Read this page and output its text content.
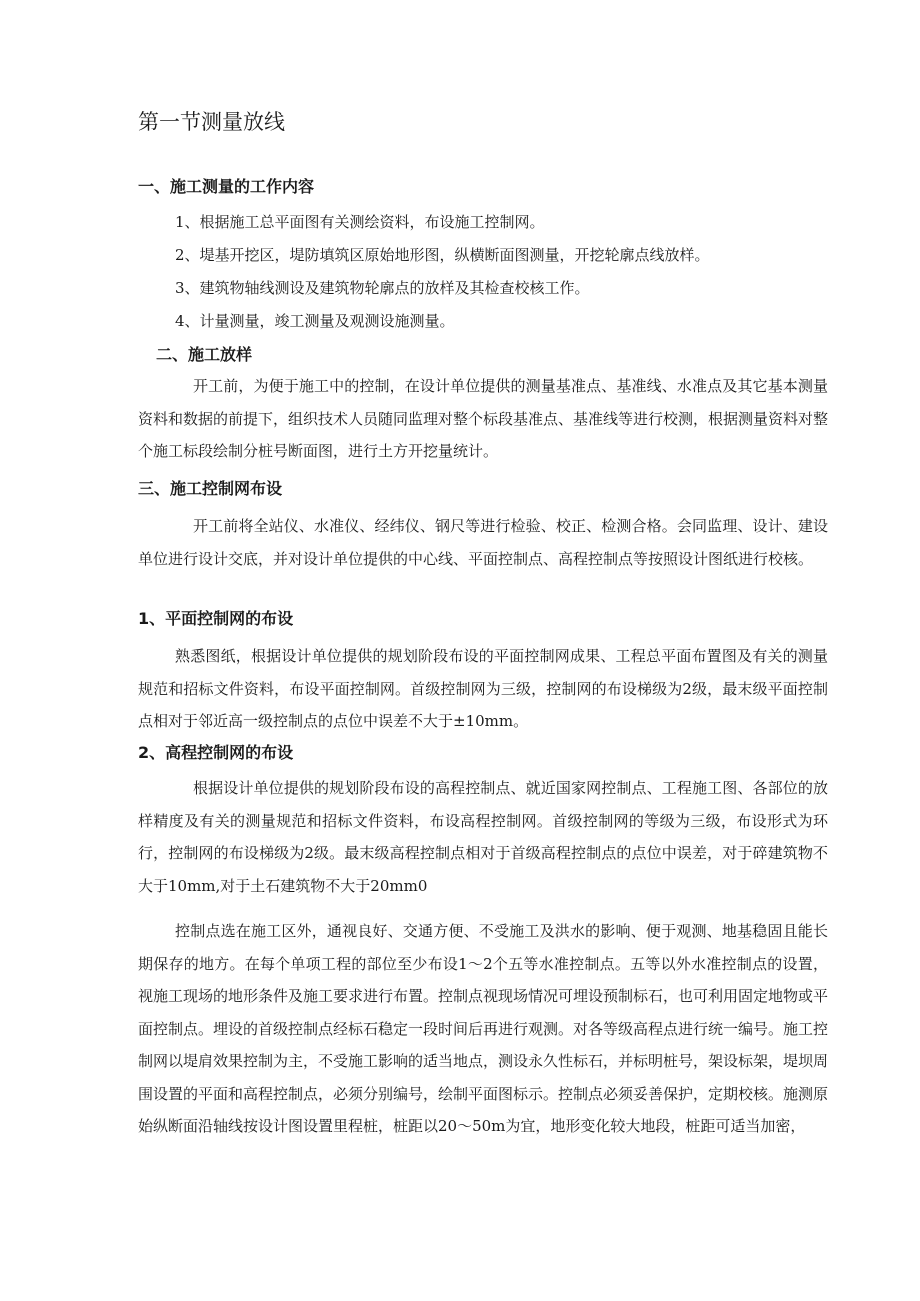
第一节测量放线
一、施工测量的工作内容

1、根据施工总平面图有关测绘资料，布设施工控制网。

2、堤基开挖区，堤防填筑区原始地形图，纵横断面图测量，开挖轮廓点线放样。

3、建筑物轴线测设及建筑物轮廓点的放样及其检查校核工作。

4、计量测量，竣工测量及观测设施测量。

二、施工放样

开工前，为便于施工中的控制，在设计单位提供的测量基准点、基准线、水准点及其它基本测量资料和数据的前提下，组织技术人员随同监理对整个标段基准点、基准线等进行校测，根据测量资料对整个施工标段绘制分桩号断面图，进行土方开挖量统计。

三、施工控制网布设

开工前将全站仪、水准仪、经纬仪、钢尺等进行检验、校正、检测合格。会同监理、设计、建设单位进行设计交底，并对设计单位提供的中心线、平面控制点、高程控制点等按照设计图纸进行校核。

1、平面控制网的布设

熟悉图纸，根据设计单位提供的规划阶段布设的平面控制网成果、工程总平面布置图及有关的测量规范和招标文件资料，布设平面控制网。首级控制网为三级，控制网的布设梯级为2级，最末级平面控制点相对于邻近高一级控制点的点位中误差不大于±10mm。

2、高程控制网的布设

根据设计单位提供的规划阶段布设的高程控制点、就近国家网控制点、工程施工图、各部位的放样精度及有关的测量规范和招标文件资料，布设高程控制网。首级控制网的等级为三级，布设形式为环行，控制网的布设梯级为2级。最末级高程控制点相对于首级高程控制点的点位中误差，对于碎建筑物不大于10mm,对于土石建筑物不大于20mm0

控制点选在施工区外，通视良好、交通方便、不受施工及洪水的影响、便于观测、地基稳固且能长期保存的地方。在每个单项工程的部位至少布设1～2个五等水准控制点。五等以外水准控制点的设置，视施工现场的地形条件及施工要求进行布置。控制点视现场情况可埋设预制标石，也可利用固定地物或平面控制点。埋设的首级控制点经标石稳定一段时间后再进行观测。对各等级高程点进行统一编号。施工控制网以堤肩效果控制为主，不受施工影响的适当地点，测设永久性标石，并标明桩号，架设标架，堤坝周围设置的平面和高程控制点，必须分别编号，绘制平面图标示。控制点必须妥善保护，定期校核。施测原始纵断面沿轴线按设计图设置里程桩，桩距以20～50m为宜，地形变化较大地段，桩距可适当加密，
